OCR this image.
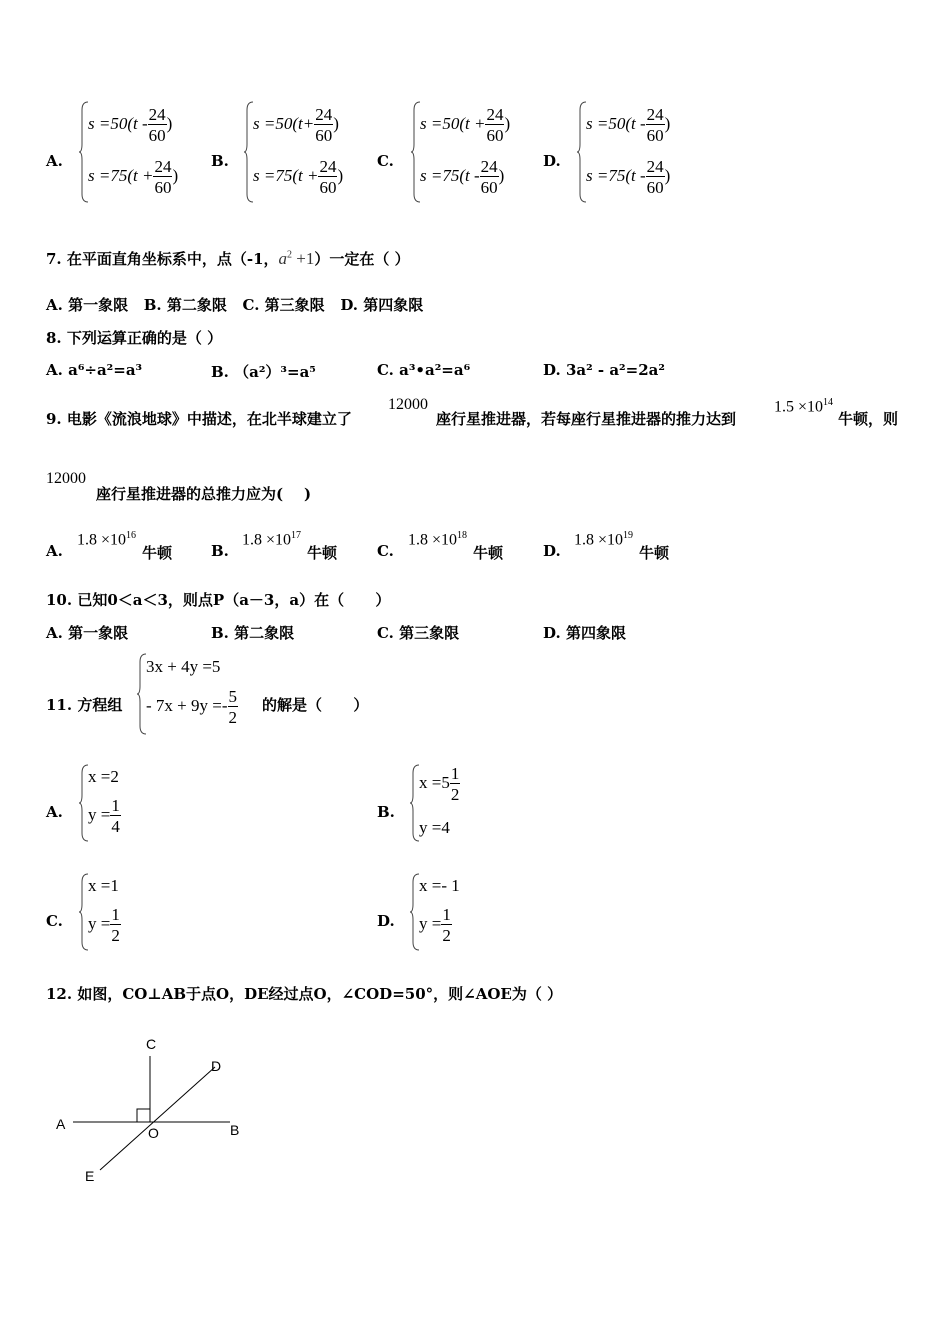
A.
$s =50(t - \frac{24}{60}$ )
$s =75(t + \frac{24}{60}$ )
B.
$s =50(t+ \frac{24}{60}$ )
$s =75(t + \frac{24}{60}$ )
C.
$s =50(t + \frac{24}{60}$ )
$s =75(t - \frac{24}{60}$ )
D.
$s =50(t - \frac{24}{60}$ )
$s =75(t - \frac{24}{60}$ )
7. 在平面直角坐标系中，点（-1，$a^2 +1$）一定在（ ）
A. 第一象限   B. 第二象限   C. 第三象限   D. 第四象限
8. 下列运算正确的是（ ）
A. a⁶÷a²=a³	B. （a²）³=a⁵	C. a³•a²=a⁶	D. 3a² - a²=2a²
9. 电影《流浪地球》中描述，在北半球建立了
12000
座行星推进器，若每座行星推进器的推力达到
$1.5 \times 10^{14}$
牛顿，则
12000
座行星推进器的总推力应为(    )
A.
$1.8 \times 10^{16}$
牛顿	B.
$1.8 \times 10^{17}$
牛顿	C.
$1.8 \times 10^{18}$
牛顿	D.
$1.8 \times 10^{19}$
牛顿
10. 已知0＜a＜3，则点P（a－3，a）在（      ）
A. 第一象限	B. 第二象限	C. 第三象限	D. 第四象限
11. 方程组
3x + 4y =5
- $7x + 9y =- \frac{5}{2}$ 的解是（      ）
A.
x =2
$y = \frac{1}{4}$	B.
$x =5 \frac{1}{2}$
y =4
C.
x =1
$y = \frac{1}{2}$	D.
x =- 1
$y = \frac{1}{2}$
12. 如图，CO⊥AB于点O，DE经过点O，∠COD=50°，则∠AOE为（ ）
A	B
C
D
E
O
